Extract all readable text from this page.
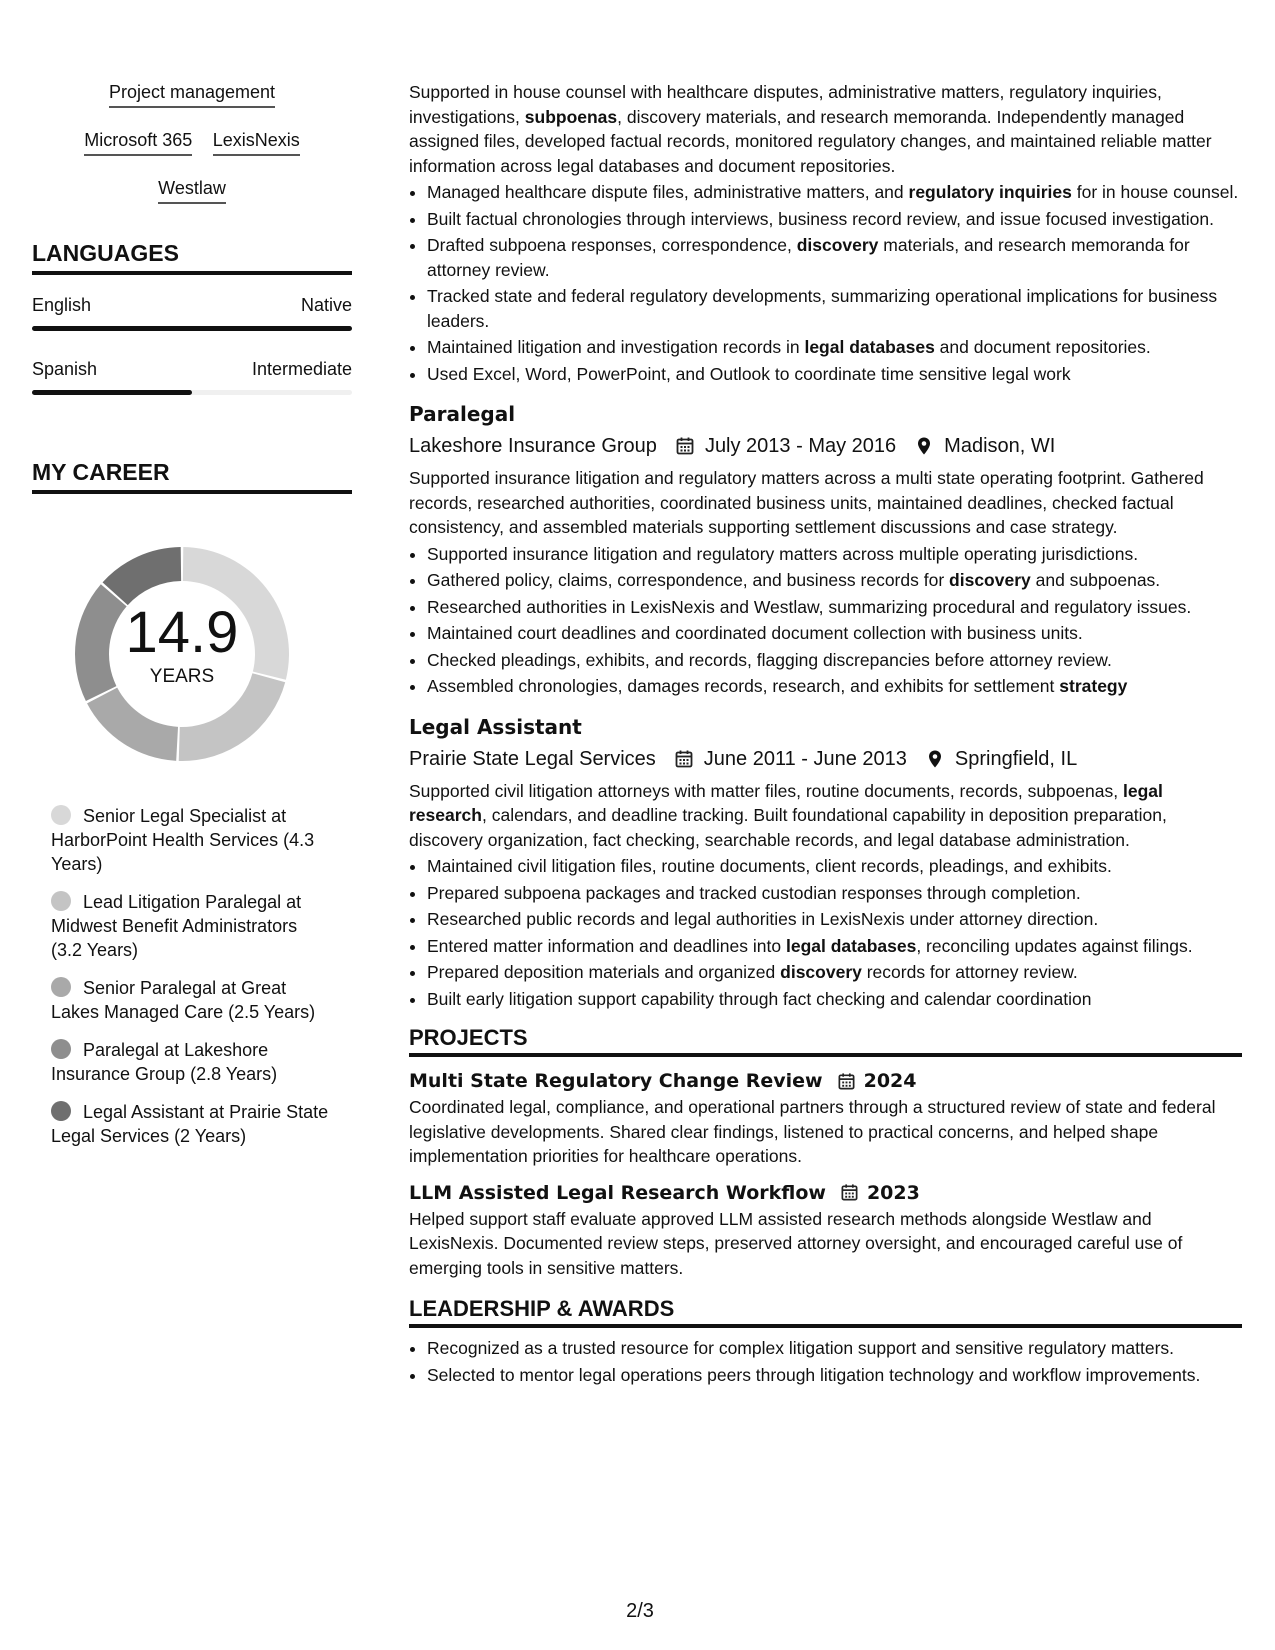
Project management
Microsoft 365 LexisNexis
Westlaw
LANGUAGES
English	Native
Spanish	Intermediate
MY CAREER
14.9
YEARS
Senior Legal Specialist at HarborPoint Health Services (4.3 Years)
Lead Litigation Paralegal at Midwest Benefit Administrators (3.2 Years)
Senior Paralegal at Great Lakes Managed Care (2.5 Years)
Paralegal at Lakeshore Insurance Group (2.8 Years)
Legal Assistant at Prairie State Legal Services (2 Years)
Supported in house counsel with healthcare disputes, administrative matters, regulatory inquiries, investigations, subpoenas, discovery materials, and research memoranda. Independently managed assigned files, developed factual records, monitored regulatory changes, and maintained reliable matter information across legal databases and document repositories.
• Managed healthcare dispute files, administrative matters, and regulatory inquiries for in house counsel.
• Built factual chronologies through interviews, business record review, and issue focused investigation.
• Drafted subpoena responses, correspondence, discovery materials, and research memoranda for attorney review.
• Tracked state and federal regulatory developments, summarizing operational implications for business leaders.
• Maintained litigation and investigation records in legal databases and document repositories.
• Used Excel, Word, PowerPoint, and Outlook to coordinate time sensitive legal work
Paralegal
Lakeshore Insurance Group July 2013 - May 2016 Madison, WI
Supported insurance litigation and regulatory matters across a multi state operating footprint. Gathered records, researched authorities, coordinated business units, maintained deadlines, checked factual consistency, and assembled materials supporting settlement discussions and case strategy.
• Supported insurance litigation and regulatory matters across multiple operating jurisdictions.
• Gathered policy, claims, correspondence, and business records for discovery and subpoenas.
• Researched authorities in LexisNexis and Westlaw, summarizing procedural and regulatory issues.
• Maintained court deadlines and coordinated document collection with business units.
• Checked pleadings, exhibits, and records, flagging discrepancies before attorney review.
• Assembled chronologies, damages records, research, and exhibits for settlement strategy
Legal Assistant
Prairie State Legal Services June 2011 - June 2013 Springfield, IL
Supported civil litigation attorneys with matter files, routine documents, records, subpoenas, legal research, calendars, and deadline tracking. Built foundational capability in deposition preparation, discovery organization, fact checking, searchable records, and legal database administration.
• Maintained civil litigation files, routine documents, client records, pleadings, and exhibits.
• Prepared subpoena packages and tracked custodian responses through completion.
• Researched public records and legal authorities in LexisNexis under attorney direction.
• Entered matter information and deadlines into legal databases, reconciling updates against filings.
• Prepared deposition materials and organized discovery records for attorney review.
• Built early litigation support capability through fact checking and calendar coordination
PROJECTS
Multi State Regulatory Change Review 2024
Coordinated legal, compliance, and operational partners through a structured review of state and federal legislative developments. Shared clear findings, listened to practical concerns, and helped shape implementation priorities for healthcare operations.
LLM Assisted Legal Research Workflow 2023
Helped support staff evaluate approved LLM assisted research methods alongside Westlaw and LexisNexis. Documented review steps, preserved attorney oversight, and encouraged careful use of emerging tools in sensitive matters.
LEADERSHIP & AWARDS
• Recognized as a trusted resource for complex litigation support and sensitive regulatory matters.
• Selected to mentor legal operations peers through litigation technology and workflow improvements.
2/3
